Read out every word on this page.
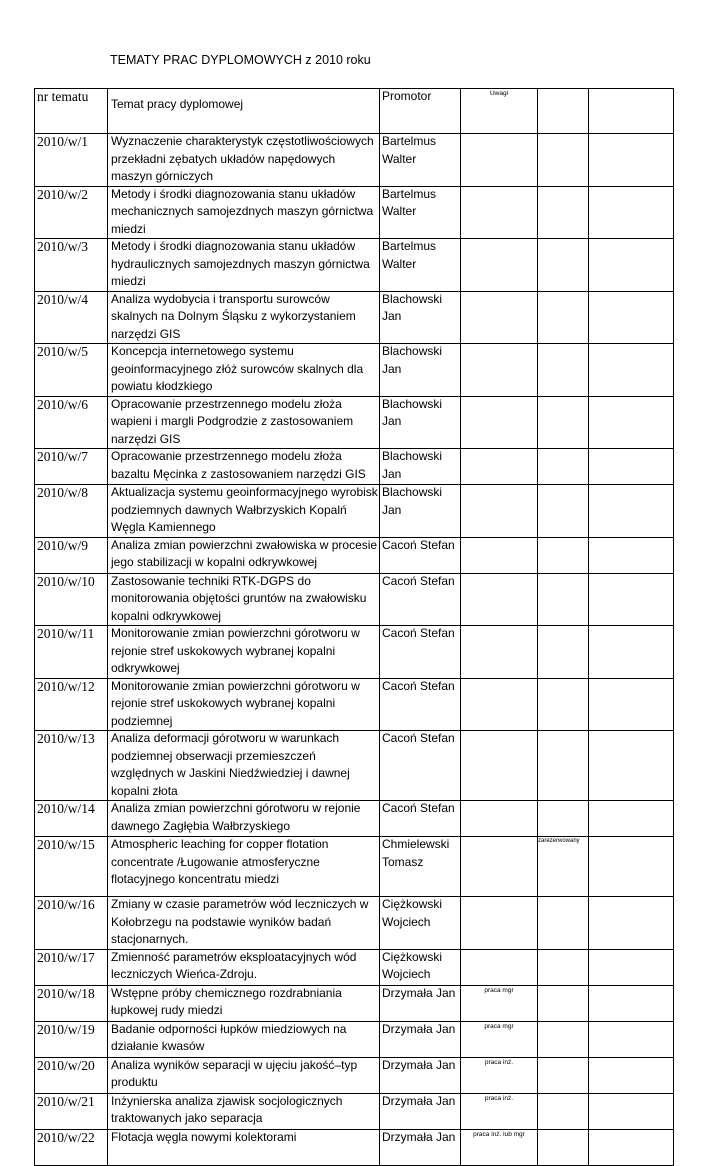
TEMATY PRAC DYPLOMOWYCH z 2010 roku
nr tematu	Temat pracy dyplomowej	Promotor	Uwagi		
2010/w/1	Wyznaczenie charakterystyk częstotliwościowych przekładni zębatych układów napędowych maszyn górniczych	Bartelmus Walter			

2010/w/2	Metody i środki diagnozowania stanu układów mechanicznych samojezdnych maszyn górnictwa miedzi	Bartelmus Walter			

2010/w/3	Metody i środki diagnozowania stanu układów hydraulicznych samojezdnych maszyn górnictwa miedzi	Bartelmus Walter			

2010/w/4	Analiza wydobycia i transportu surowców skalnych na Dolnym Śląsku z wykorzystaniem narzędzi GIS	Blachowski Jan			

2010/w/5	Koncepcja internetowego systemu geoinformacyjnego złóż surowców skalnych dla powiatu kłodzkiego	Blachowski Jan			

2010/w/6	Opracowanie przestrzennego modelu złoża wapieni i margli Podgrodzie z zastosowaniem narzędzi GIS	Blachowski Jan			

2010/w/7	Opracowanie przestrzennego modelu złoża bazaltu Męcinka z zastosowaniem narzędzi GIS	Blachowski Jan			

2010/w/8	Aktualizacja systemu geoinformacyjnego wyrobisk podziemnych dawnych Wałbrzyskich Kopalń Węgla Kamiennego	Blachowski Jan			

2010/w/9	Analiza zmian powierzchni zwałowiska w procesie jego stabilizacji w kopalni odkrywkowej	Cacoń Stefan			

2010/w/10	Zastosowanie techniki RTK-DGPS do monitorowania objętości gruntów na zwałowisku kopalni odkrywkowej	Cacoń Stefan			

2010/w/11	Monitorowanie zmian powierzchni górotworu w rejonie stref uskokowych wybranej kopalni odkrywkowej	Cacoń Stefan			

2010/w/12	Monitorowanie zmian powierzchni górotworu w rejonie stref uskokowych wybranej kopalni podziemnej	Cacoń Stefan			

2010/w/13	Analiza deformacji górotworu w warunkach podziemnej obserwacji przemieszczeń względnych w Jaskini Niedźwiedziej i dawnej kopalni złota	Cacoń Stefan			

2010/w/14	Analiza zmian powierzchni górotworu w rejonie dawnego Zagłębia Wałbrzyskiego	Cacoń Stefan			

2010/w/15	Atmospheric leaching for copper flotation concentrate /Ługowanie atmosferyczne flotacyjnego koncentratu miedzi	Chmielewski Tomasz		zarezerwowany	
2010/w/16	Zmiany w czasie parametrów wód leczniczych w Kołobrzegu na podstawie wyników badań stacjonarnych.	Ciężkowski Wojciech			

2010/w/17	Zmienność parametrów eksploatacyjnych wód leczniczych Wieńca-Zdroju.	Ciężkowski Wojciech			

2010/w/18	Wstępne próby chemicznego rozdrabniania łupkowej rudy miedzi	Drzymała Jan	praca mgr		
2010/w/19	Badanie odporności łupków miedziowych na działanie kwasów	Drzymała Jan	praca mgr		
2010/w/20	Analiza wyników separacji w ujęciu jakość–typ produktu	Drzymała Jan	praca inż.		
2010/w/21	Inżynierska analiza zjawisk socjologicznych traktowanych jako separacja	Drzymała Jan	praca inż.		
2010/w/22	Flotacja węgla nowymi kolektorami	Drzymała Jan	praca inż. lub mgr		
